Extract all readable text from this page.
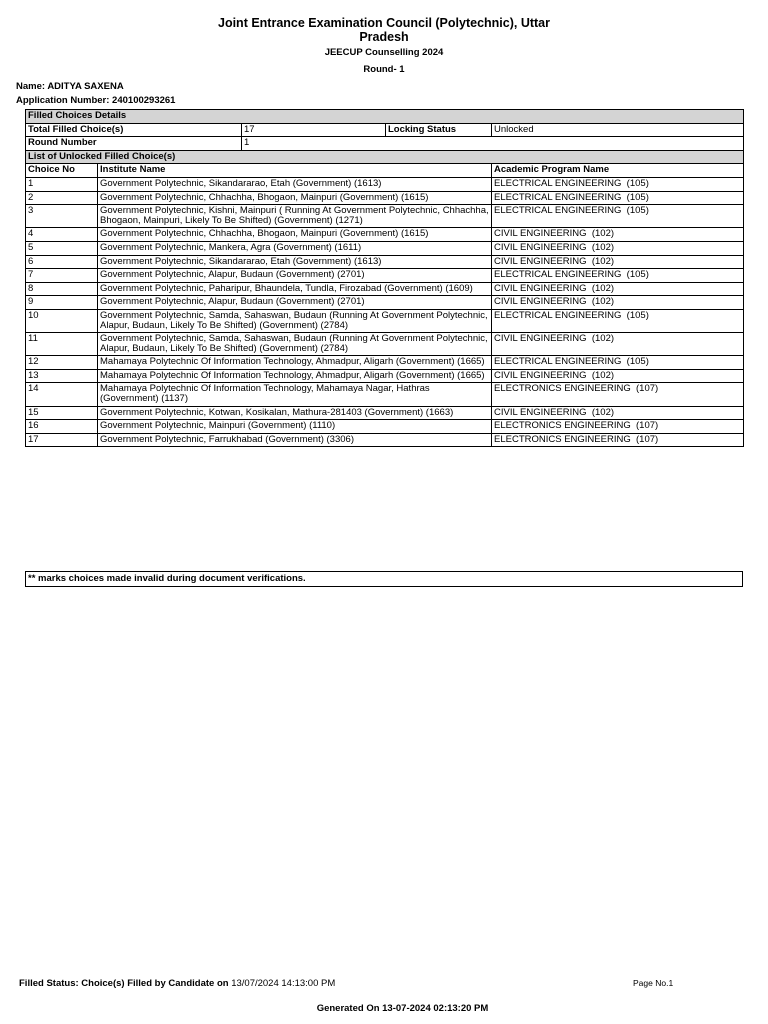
Joint Entrance Examination Council (Polytechnic), Uttar Pradesh
JEECUP Counselling 2024
Round- 1
Name: ADITYA SAXENA
Application Number: 240100293261
Filled Choices Details				
Total Filled Choice(s)		17	Locking Status	Unlocked
Round Number		1		
List of Unlocked Filled Choice(s)				
Choice No	Institute Name			Academic Program Name
1	Government Polytechnic, Sikandararao, Etah (Government) (1613)			ELECTRICAL ENGINEERING  (105)
2	Government Polytechnic, Chhachha, Bhogaon, Mainpuri (Government) (1615)			ELECTRICAL ENGINEERING  (105)
3	Government Polytechnic, Kishni, Mainpuri ( Running At Government Polytechnic, Chhachha, Bhogaon, Mainpuri, Likely To Be Shifted) (Government) (1271)			ELECTRICAL ENGINEERING  (105)
4	Government Polytechnic, Chhachha, Bhogaon, Mainpuri (Government) (1615)			CIVIL ENGINEERING  (102)
5	Government Polytechnic, Mankera, Agra (Government) (1611)			CIVIL ENGINEERING  (102)
6	Government Polytechnic, Sikandararao, Etah (Government) (1613)			CIVIL ENGINEERING  (102)
7	Government Polytechnic, Alapur, Budaun (Government) (2701)			ELECTRICAL ENGINEERING  (105)
8	Government Polytechnic, Paharipur, Bhaundela, Tundla, Firozabad (Government) (1609)			CIVIL ENGINEERING  (102)
9	Government Polytechnic, Alapur, Budaun (Government) (2701)			CIVIL ENGINEERING  (102)
10	Government Polytechnic, Samda, Sahaswan, Budaun (Running At Government Polytechnic, Alapur, Budaun, Likely To Be Shifted) (Government) (2784)			ELECTRICAL ENGINEERING  (105)
11	Government Polytechnic, Samda, Sahaswan, Budaun (Running At Government Polytechnic, Alapur, Budaun, Likely To Be Shifted) (Government) (2784)			CIVIL ENGINEERING  (102)
12	Mahamaya Polytechnic Of Information Technology, Ahmadpur, Aligarh (Government) (1665)			ELECTRICAL ENGINEERING  (105)
13	Mahamaya Polytechnic Of Information Technology, Ahmadpur, Aligarh (Government) (1665)			CIVIL ENGINEERING  (102)
14	Mahamaya Polytechnic Of Information Technology, Mahamaya Nagar, Hathras (Government) (1137)			ELECTRONICS ENGINEERING  (107)
15	Government Polytechnic, Kotwan, Kosikalan, Mathura-281403 (Government) (1663)			CIVIL ENGINEERING  (102)
16	Government Polytechnic, Mainpuri (Government) (1110)			ELECTRONICS ENGINEERING  (107)
17	Government Polytechnic, Farrukhabad (Government) (3306)			ELECTRONICS ENGINEERING  (107)
** marks choices made invalid during document verifications.
Filled Status: Choice(s) Filled by Candidate on 13/07/2024 14:13:00 PM	Page No.1
Generated On 13-07-2024 02:13:20 PM
